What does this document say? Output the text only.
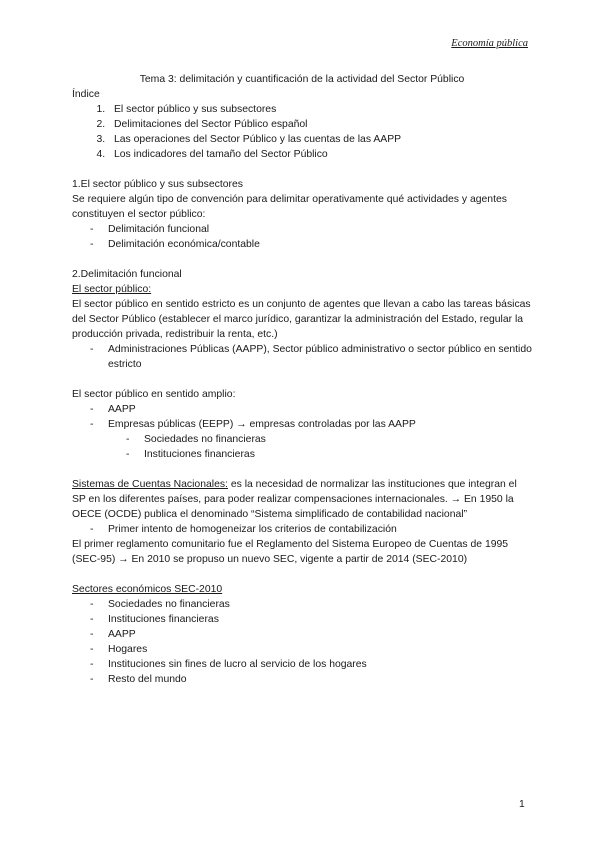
Economía pública
Tema 3: delimitación y cuantificación de la actividad del Sector Público
Índice
1. El sector público y sus subsectores
2. Delimitaciones del Sector Público español
3. Las operaciones del Sector Público y las cuentas de las AAPP
4. Los indicadores del tamaño del Sector Público
1.El sector público y sus subsectores
Se requiere algún tipo de convención para delimitar operativamente qué actividades y agentes constituyen el sector público:
- Delimitación funcional
- Delimitación económica/contable
2.Delimitación funcional
El sector público:
El sector público en sentido estricto es un conjunto de agentes que llevan a cabo las tareas básicas del Sector Público (establecer el marco jurídico, garantizar la administración del Estado, regular la producción privada, redistribuir la renta, etc.)
- Administraciones Públicas (AAPP), Sector público administrativo o sector público en sentido estricto
El sector público en sentido amplio:
- AAPP
- Empresas públicas (EEPP) → empresas controladas por las AAPP
- Sociedades no financieras
- Instituciones financieras
Sistemas de Cuentas Nacionales: es la necesidad de normalizar las instituciones que integran el SP en los diferentes países, para poder realizar compensaciones internacionales. → En 1950 la OECE (OCDE) publica el denominado “Sistema simplificado de contabilidad nacional”
- Primer intento de homogeneizar los criterios de contabilización
El primer reglamento comunitario fue el Reglamento del Sistema Europeo de Cuentas de 1995 (SEC-95) → En 2010 se propuso un nuevo SEC, vigente a partir de 2014 (SEC-2010)
Sectores económicos SEC-2010
- Sociedades no financieras
- Instituciones financieras
- AAPP
- Hogares
- Instituciones sin fines de lucro al servicio de los hogares
- Resto del mundo
1
